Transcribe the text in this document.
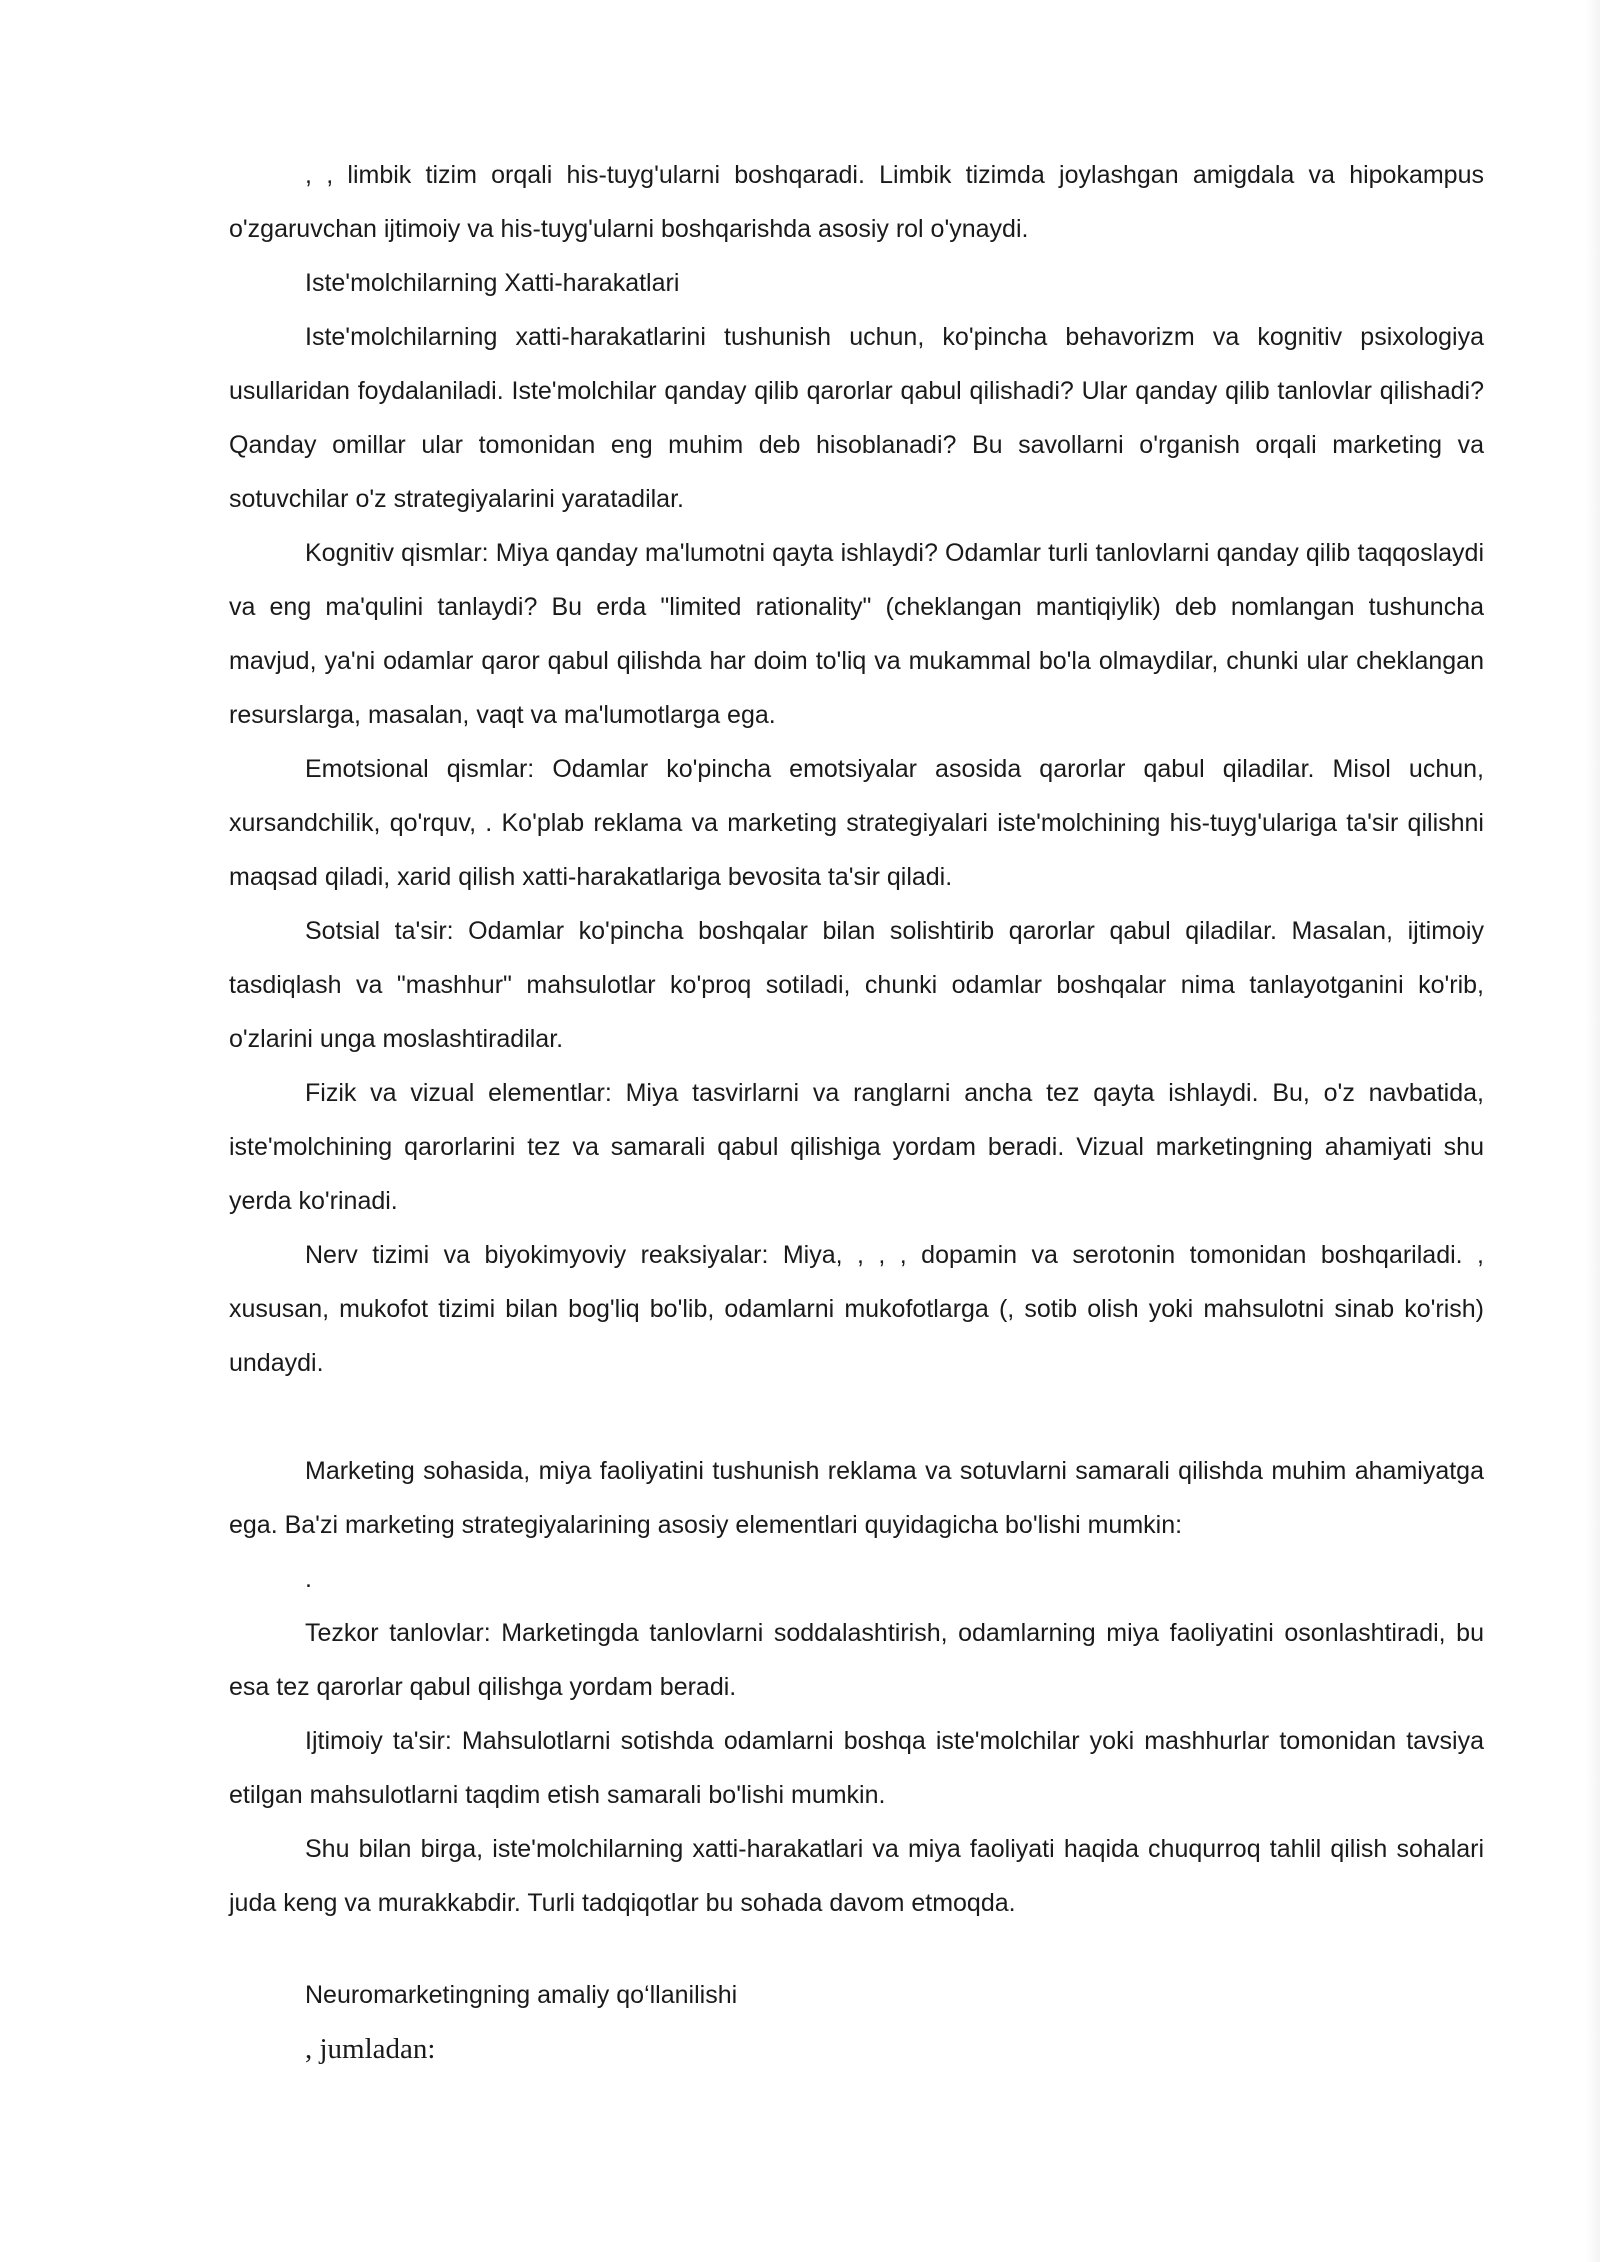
, , limbik tizim orqali his-tuyg'ularni boshqaradi. Limbik tizimda joylashgan amigdala va hipokampus o'zgaruvchan ijtimoiy va his-tuyg'ularni boshqarishda asosiy rol o'ynaydi.

Iste'molchilarning Xatti-harakatlari

Iste'molchilarning xatti-harakatlarini tushunish uchun, ko'pincha behavorizm va kognitiv psixologiya usullaridan foydalaniladi. Iste'molchilar qanday qilib qarorlar qabul qilishadi? Ular qanday qilib tanlovlar qilishadi? Qanday omillar ular tomonidan eng muhim deb hisoblanadi? Bu savollarni o'rganish orqali marketing va sotuvchilar o'z strategiyalarini yaratadilar.

Kognitiv qismlar: Miya qanday ma'lumotni qayta ishlaydi? Odamlar turli tanlovlarni qanday qilib taqqoslaydi va eng ma'qulini tanlaydi? Bu erda "limited rationality" (cheklangan mantiqiylik) deb nomlangan tushuncha mavjud, ya'ni odamlar qaror qabul qilishda har doim to'liq va mukammal bo'la olmaydilar, chunki ular cheklangan resurslarga, masalan, vaqt va ma'lumotlarga ega.

Emotsional qismlar: Odamlar ko'pincha emotsiyalar asosida qarorlar qabul qiladilar. Misol uchun, xursandchilik, qo'rquv, . Ko'plab reklama va marketing strategiyalari iste'molchining his-tuyg'ulariga ta'sir qilishni maqsad qiladi, xarid qilish xatti-harakatlariga bevosita ta'sir qiladi.

Sotsial ta'sir: Odamlar ko'pincha boshqalar bilan solishtirib qarorlar qabul qiladilar. Masalan, ijtimoiy tasdiqlash va "mashhur" mahsulotlar ko'proq sotiladi, chunki odamlar boshqalar nima tanlayotganini ko'rib, o'zlarini unga moslashtiradilar.

Fizik va vizual elementlar: Miya tasvirlarni va ranglarni ancha tez qayta ishlaydi. Bu, o'z navbatida, iste'molchining qarorlarini tez va samarali qabul qilishiga yordam beradi. Vizual marketingning ahamiyati shu yerda ko'rinadi.

Nerv tizimi va biyokimyoviy reaksiyalar: Miya, , , , dopamin va serotonin tomonidan boshqariladi. , xususan, mukofot tizimi bilan bog'liq bo'lib, odamlarni mukofotlarga (, sotib olish yoki mahsulotni sinab ko'rish) undaydi.

Marketing sohasida, miya faoliyatini tushunish reklama va sotuvlarni samarali qilishda muhim ahamiyatga ega. Ba'zi marketing strategiyalarining asosiy elementlari quyidagicha bo'lishi mumkin:

.

Tezkor tanlovlar: Marketingda tanlovlarni soddalashtirish, odamlarning miya faoliyatini osonlashtiradi, bu esa tez qarorlar qabul qilishga yordam beradi.

Ijtimoiy ta'sir: Mahsulotlarni sotishda odamlarni boshqa iste'molchilar yoki mashhurlar tomonidan tavsiya etilgan mahsulotlarni taqdim etish samarali bo'lishi mumkin.

Shu bilan birga, iste'molchilarning xatti-harakatlari va miya faoliyati haqida chuqurroq tahlil qilish sohalari juda keng va murakkabdir. Turli tadqiqotlar bu sohada davom etmoqda.

Neuromarketingning amaliy qo‘llanilishi

, jumladan:
